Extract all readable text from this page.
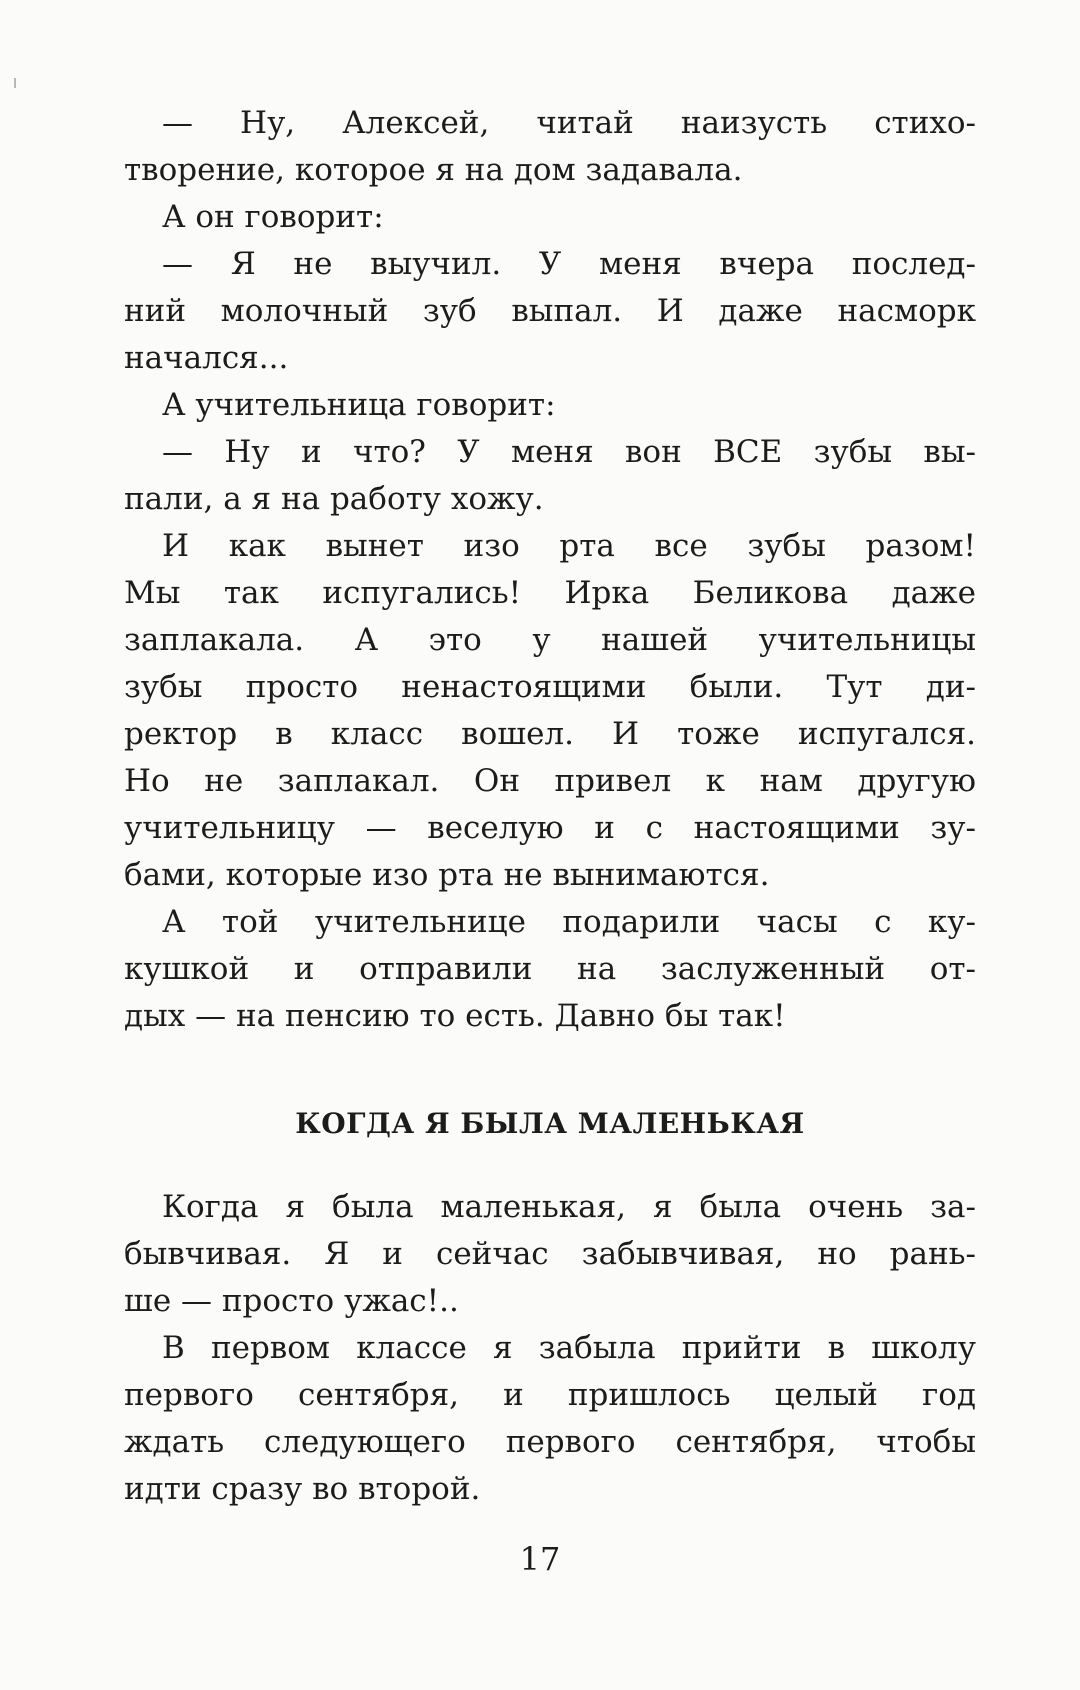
— Ну, Алексей, читай наизусть стихо-
творение, которое я на дом задавала.
А он говорит:
— Я не выучил. У меня вчера послед-
ний молочный зуб выпал. И даже насморк
начался...
А учительница говорит:
— Ну и что? У меня вон ВСЕ зубы вы-
пали, а я на работу хожу.
И как вынет изо рта все зубы разом!
Мы так испугались! Ирка Беликова даже
заплакала. А это у нашей учительницы
зубы просто ненастоящими были. Тут ди-
ректор в класс вошел. И тоже испугался.
Но не заплакал. Он привел к нам другую
учительницу — веселую и с настоящими зу-
бами, которые изо рта не вынимаются.
А той учительнице подарили часы с ку-
кушкой и отправили на заслуженный от-
дых — на пенсию то есть. Давно бы так!
КОГДА Я БЫЛА МАЛЕНЬКАЯ
Когда я была маленькая, я была очень за-
бывчивая. Я и сейчас забывчивая, но рань-
ше — просто ужас!..
В первом классе я забыла прийти в школу
первого сентября, и пришлось целый год
ждать следующего первого сентября, чтобы
идти сразу во второй.
17
